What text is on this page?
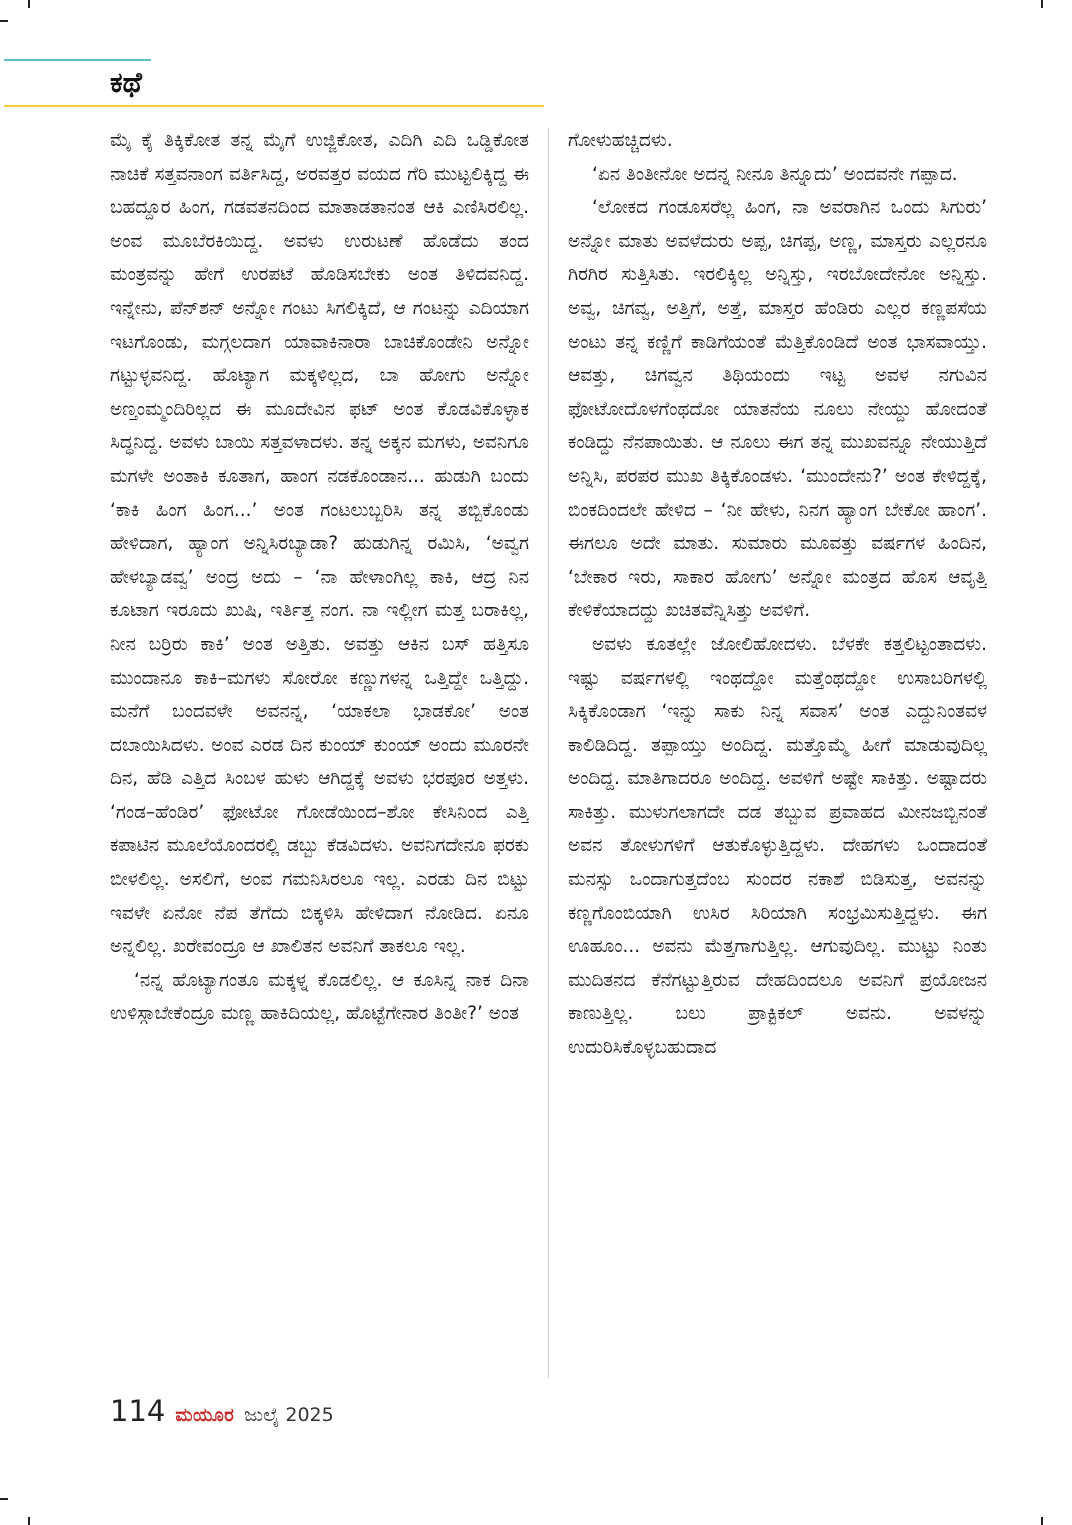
ಕಥೆ

ಮೈ ಕೈ ತಿಕ್ಕಿಕೋತ ತನ್ನ ಮೈಗೆ ಉಜ್ಜಿಕೋತ, ಎದಿಗಿ ಎದಿ ಒಡ್ಡಿಕೋತ ನಾಚಿಕೆ ಸತ್ತವನಾಂಗ ವರ್ತಿಸಿದ್ದ, ಅರವತ್ತರ ವಯದ ಗೆರಿ ಮುಟ್ಟಲಿಕ್ಕಿದ್ದ ಈ ಬಹದ್ದೂರ ಹಿಂಗ, ಗಡವತನದಿಂದ ಮಾತಾಡತಾನಂತ ಆಕಿ ಎಣಿಸಿರಲಿಲ್ಲ. ಅಂವ ಮೂಬೆರಕಿಯಿದ್ದ. ಅವಳು ಉರುಟಣೆ ಹೊಡೆದು ತಂದ ಮಂತ್ರವನ್ನು ಹೇಗೆ ಉರಪಟೆ ಹೊಡಿಸಬೇಕು ಅಂತ ತಿಳಿದವನಿದ್ದ. ಇನ್ನೇನು, ಪೆನ್‌ಶನ್ ಅನ್ನೋ ಗಂಟು ಸಿಗಲಿಕ್ಕಿದೆ, ಆ ಗಂಟನ್ನು ಎದಿಯಾಗ ಇಟಗೊಂಡು, ಮಗ್ಗಲದಾಗ ಯಾವಾಕಿನಾರಾ ಬಾಚಿಕೊಂಡೇನಿ ಅನ್ನೋ ಗಟ್ಟುಳ್ಳವನಿದ್ದ. ಹೊಟ್ಯಾಗ ಮಕ್ಕಳಿಲ್ಲದ, ಬಾ ಹೋಗು ಅನ್ನೋ ಅಣ್ತಂಮ್ಮಂದಿರಿಲ್ಲದ ಈ ಮೂದೇವಿನ ಫಟ್ ಅಂತ ಕೊಡವಿಕೊಳ್ಳಾಕ ಸಿದ್ಧನಿದ್ದ. ಅವಳು ಬಾಯಿ ಸತ್ತವಳಾದಳು. ತನ್ನ ಅಕ್ಕನ ಮಗಳು, ಅವನಿಗೂ ಮಗಳೇ ಅಂತಾಕಿ ಕೂತಾಗ, ಹಾಂಗ ನಡಕೊಂಡಾನ... ಹುಡುಗಿ ಬಂದು ‘ಕಾಕಿ ಹಿಂಗ ಹಿಂಗ...’ ಅಂತ ಗಂಟಲುಬ್ಬರಿಸಿ ತನ್ನ ತಬ್ಬಿಕೊಂಡು ಹೇಳಿದಾಗ, ಹ್ಯಾಂಗ ಅನ್ನಿಸಿರಬ್ಯಾಡಾ? ಹುಡುಗಿನ್ನ ರಮಿಸಿ, ‘ಅವ್ವಗ ಹೇಳಬ್ಯಾಡವ್ವ’ ಅಂದ್ರ ಅದು – ‘ನಾ ಹೇಳಾಂಗಿಲ್ಲ ಕಾಕಿ, ಆದ್ರ ನಿನ ಕೂಟಾಗ ಇರೂದು ಖುಷಿ, ಇರ್ತಿತ್ತ ನಂಗ. ನಾ ಇಲ್ಲೀಗ ಮತ್ತ ಬರಾಕಿಲ್ಲ, ನೀನ ಬರ್ರಿರು ಕಾಕಿ’ ಅಂತ ಅತ್ತಿತು. ಅವತ್ತು ಆಕಿನ ಬಸ್ ಹತ್ತಿಸೂ ಮುಂದಾನೂ ಕಾಕಿ–ಮಗಳು ಸೋರೋ ಕಣ್ಣುಗಳನ್ನ ಒತ್ತಿದ್ದೇ ಒತ್ತಿದ್ದು. ಮನೆಗೆ ಬಂದವಳೇ ಅವನನ್ನ, ‘ಯಾಕಲಾ ಭಾಡಕೋ’ ಅಂತ ದಬಾಯಿಸಿದಳು. ಅಂವ ಎರಡ ದಿನ ಕುಂಯ್ ಕುಂಯ್ ಅಂದು ಮೂರನೇ ದಿನ, ಹೆಡಿ ಎತ್ತಿದ ಸಿಂಬಳ ಹುಳು ಆಗಿದ್ದಕ್ಕೆ ಅವಳು ಭರಪೂರ ಅತ್ತಳು. ‘ಗಂಡ–ಹೆಂಡಿರ’ ಫೋಟೋ ಗೋಡೆಯಿಂದ–ಶೋ ಕೇಸಿನಿಂದ ಎತ್ತಿ ಕಪಾಟಿನ ಮೂಲೆಯೊಂದರಲ್ಲಿ ಡಬ್ಬು ಕೆಡವಿದಳು. ಅವನಿಗದೇನೂ ಫರಕು ಬೀಳಲಿಲ್ಲ. ಅಸಲಿಗೆ, ಅಂವ ಗಮನಿಸಿರಲೂ ಇಲ್ಲ. ಎರಡು ದಿನ ಬಿಟ್ಟು ಇವಳೇ ಏನೋ ನೆಪ ತೆಗೆದು ಬಿಕ್ಕಳಿಸಿ ಹೇಳಿದಾಗ ನೋಡಿದ. ಏನೂ ಅನ್ನಲಿಲ್ಲ. ಖರೇವಂದ್ರೂ ಆ ಖಾಲಿತನ ಅವನಿಗೆ ತಾಕಲೂ ಇಲ್ಲ.

‘ನನ್ನ ಹೊಟ್ಯಾಗಂತೂ ಮಕ್ಕಳ್ನ ಕೊಡಲಿಲ್ಲ. ಆ ಕೂಸಿನ್ನ ನಾಕ ದಿನಾ ಉಳಿಸ್ಗಾಬೇಕೆಂದ್ರೂ ಮಣ್ಣ ಹಾಕಿದಿಯಲ್ಲ, ಹೊಟ್ಟೆಗೇನಾರ ತಿಂತೀ?’ ಅಂತ

ಗೋಳುಹಚ್ಚಿದಳು.

‘ಏನ ತಿಂತೀನೋ ಅದನ್ನ ನೀನೂ ತಿನ್ನೂದು’ ಅಂದವನೇ ಗಪ್ಪಾದ.

‘ಲೋಕದ ಗಂಡೂಸರೆಲ್ಲ ಹಿಂಗ, ನಾ ಅವರಾಗಿನ ಒಂದು ಸಿಗುರು’ ಅನ್ನೋ ಮಾತು ಅವಳೆದುರು ಅಪ್ಪ, ಚಿಗಪ್ಪ, ಅಣ್ಣ, ಮಾಸ್ತರು ಎಲ್ಲರನೂ ಗಿರಗಿರ ಸುತ್ತಿಸಿತು. ಇರಲಿಕ್ಕಿಲ್ಲ ಅನ್ನಿಸ್ತು, ಇರಬೋದೇನೋ ಅನ್ನಿಸ್ತು. ಅವ್ವ, ಚಿಗವ್ವ, ಅತ್ತಿಗೆ, ಅತ್ತೆ, ಮಾಸ್ತರ ಹೆಂಡಿರು ಎಲ್ಲರ ಕಣ್ಣಪಸೆಯ ಅಂಟು ತನ್ನ ಕಣ್ಣಿಗೆ ಕಾಡಿಗೆಯಂತೆ ಮೆತ್ತಿಕೊಂಡಿದೆ ಅಂತ ಭಾಸವಾಯ್ತು. ಆವತ್ತು, ಚಿಗವ್ವನ ತಿಥಿಯಂದು ಇಟ್ಟ ಅವಳ ನಗುವಿನ ಫೋಟೋದೊಳಗೆಂಥದೋ ಯಾತನೆಯ ನೂಲು ನೇಯ್ದು ಹೋದಂತೆ ಕಂಡಿದ್ದು ನೆನಪಾಯಿತು. ಆ ನೂಲು ಈಗ ತನ್ನ ಮುಖವನ್ನೂ ನೇಯುತ್ತಿದೆ ಅನ್ನಿಸಿ, ಪರಪರ ಮುಖ ತಿಕ್ಕಿಕೊಂಡಳು. ‘ಮುಂದೇನು?’ ಅಂತ ಕೇಳಿದ್ದಕ್ಕೆ, ಬಿಂಕದಿಂದಲೇ ಹೇಳಿದ – ‘ನೀ ಹೇಳು, ನಿನಗ ಹ್ಯಾಂಗ ಬೇಕೋ ಹಾಂಗ’. ಈಗಲೂ ಅದೇ ಮಾತು. ಸುಮಾರು ಮೂವತ್ತು ವರ್ಷಗಳ ಹಿಂದಿನ, ‘ಬೇಕಾರ ಇರು, ಸಾಕಾರ ಹೋಗು’ ಅನ್ನೋ ಮಂತ್ರದ ಹೊಸ ಆವೃತ್ತಿ ಕೇಳಿಕೆಯಾದದ್ದು ಖಚಿತವೆನ್ನಿಸಿತ್ತು ಅವಳಿಗೆ.

ಅವಳು ಕೂತಲ್ಲೇ ಜೋಲಿಹೋದಳು. ಬೆಳಕೇ ಕತ್ತಲಿಟ್ಟಂತಾದಳು. ಇಷ್ಟು ವರ್ಷಗಳಲ್ಲಿ ಇಂಥದ್ದೋ ಮತ್ತೆಂಥದ್ದೋ ಉಸಾಬರಿಗಳಲ್ಲಿ ಸಿಕ್ಕಿಕೊಂಡಾಗ ‘ಇನ್ನು ಸಾಕು ನಿನ್ನ ಸವಾಸ’ ಅಂತ ಎದ್ದುನಿಂತವಳ ಕಾಲಿಡಿದಿದ್ದ. ತಪ್ಪಾಯ್ತು ಅಂದಿದ್ದ. ಮತ್ತೊಮ್ಮೆ ಹೀಗೆ ಮಾಡುವುದಿಲ್ಲ ಅಂದಿದ್ದ. ಮಾತಿಗಾದರೂ ಅಂದಿದ್ದ. ಅವಳಿಗೆ ಅಷ್ಟೇ ಸಾಕಿತ್ತು. ಅಷ್ಟಾದರು ಸಾಕಿತ್ತು. ಮುಳುಗಲಾಗದೇ ದಡ ತಬ್ಬುವ ಪ್ರವಾಹದ ಮೀನಜಬ್ಬಿನಂತೆ ಅವನ ತೋಳುಗಳಿಗೆ ಆತುಕೊಳ್ಳುತ್ತಿದ್ದಳು. ದೇಹಗಳು ಒಂದಾದಂತೆ ಮನಸ್ಸು ಒಂದಾಗುತ್ತದೆಂಬ ಸುಂದರ ನಕಾಶೆ ಬಿಡಿಸುತ್ತ, ಅವನನ್ನು ಕಣ್ಣಗೊಂಬಿಯಾಗಿ ಉಸಿರ ಸಿರಿಯಾಗಿ ಸಂಭ್ರಮಿಸುತ್ತಿದ್ದಳು. ಈಗ ಊಹೂಂ... ಅವನು ಮೆತ್ತಗಾಗುತ್ತಿಲ್ಲ. ಆಗುವುದಿಲ್ಲ. ಮುಟ್ಟು ನಿಂತು ಮುದಿತನದ ಕೆನೆಗಟ್ಟುತ್ತಿರುವ ದೇಹದಿಂದಲೂ ಅವನಿಗೆ ಪ್ರಯೋಜನ ಕಾಣುತ್ತಿಲ್ಲ. ಬಲು ಪ್ರಾಕ್ಟಿಕಲ್ ಅವನು. ಅವಳನ್ನು ಉದುರಿಸಿಕೊಳ್ಳಬಹುದಾದ

114 ಮಯೂರ ಜುಲೈ 2025
